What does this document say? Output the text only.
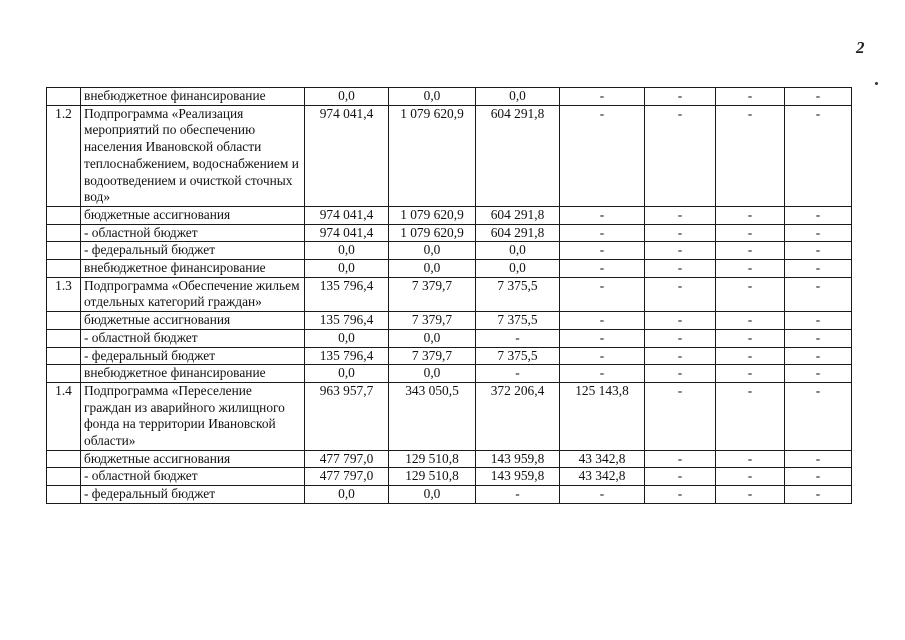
2
	внебюджетное финансирование	0,0	0,0	0,0	-	-	-	-
1.2	Подпрограмма «Реализация мероприятий по обеспечению населения Ивановской области теплоснабжением, водоснабжением и водоотведением и очисткой сточных вод»	974 041,4	1 079 620,9	604 291,8	-	-	-	-
	бюджетные ассигнования	974 041,4	1 079 620,9	604 291,8	-	-	-	-
	- областной бюджет	974 041,4	1 079 620,9	604 291,8	-	-	-	-
	- федеральный бюджет	0,0	0,0	0,0	-	-	-	-
	внебюджетное финансирование	0,0	0,0	0,0	-	-	-	-
1.3	Подпрограмма «Обеспечение жильем отдельных категорий граждан»	135 796,4	7 379,7	7 375,5	-	-	-	-
	бюджетные ассигнования	135 796,4	7 379,7	7 375,5	-	-	-	-
	- областной бюджет	0,0	0,0	-	-	-	-	-
	- федеральный бюджет	135 796,4	7 379,7	7 375,5	-	-	-	-
	внебюджетное финансирование	0,0	0,0	-	-	-	-	-
1.4	Подпрограмма «Переселение граждан из аварийного жилищного фонда на территории Ивановской области»	963 957,7	343 050,5	372 206,4	125 143,8	-	-	-
	бюджетные ассигнования	477 797,0	129 510,8	143 959,8	43 342,8	-	-	-
	- областной бюджет	477 797,0	129 510,8	143 959,8	43 342,8	-	-	-
	- федеральный бюджет	0,0	0,0	-	-	-	-	-
